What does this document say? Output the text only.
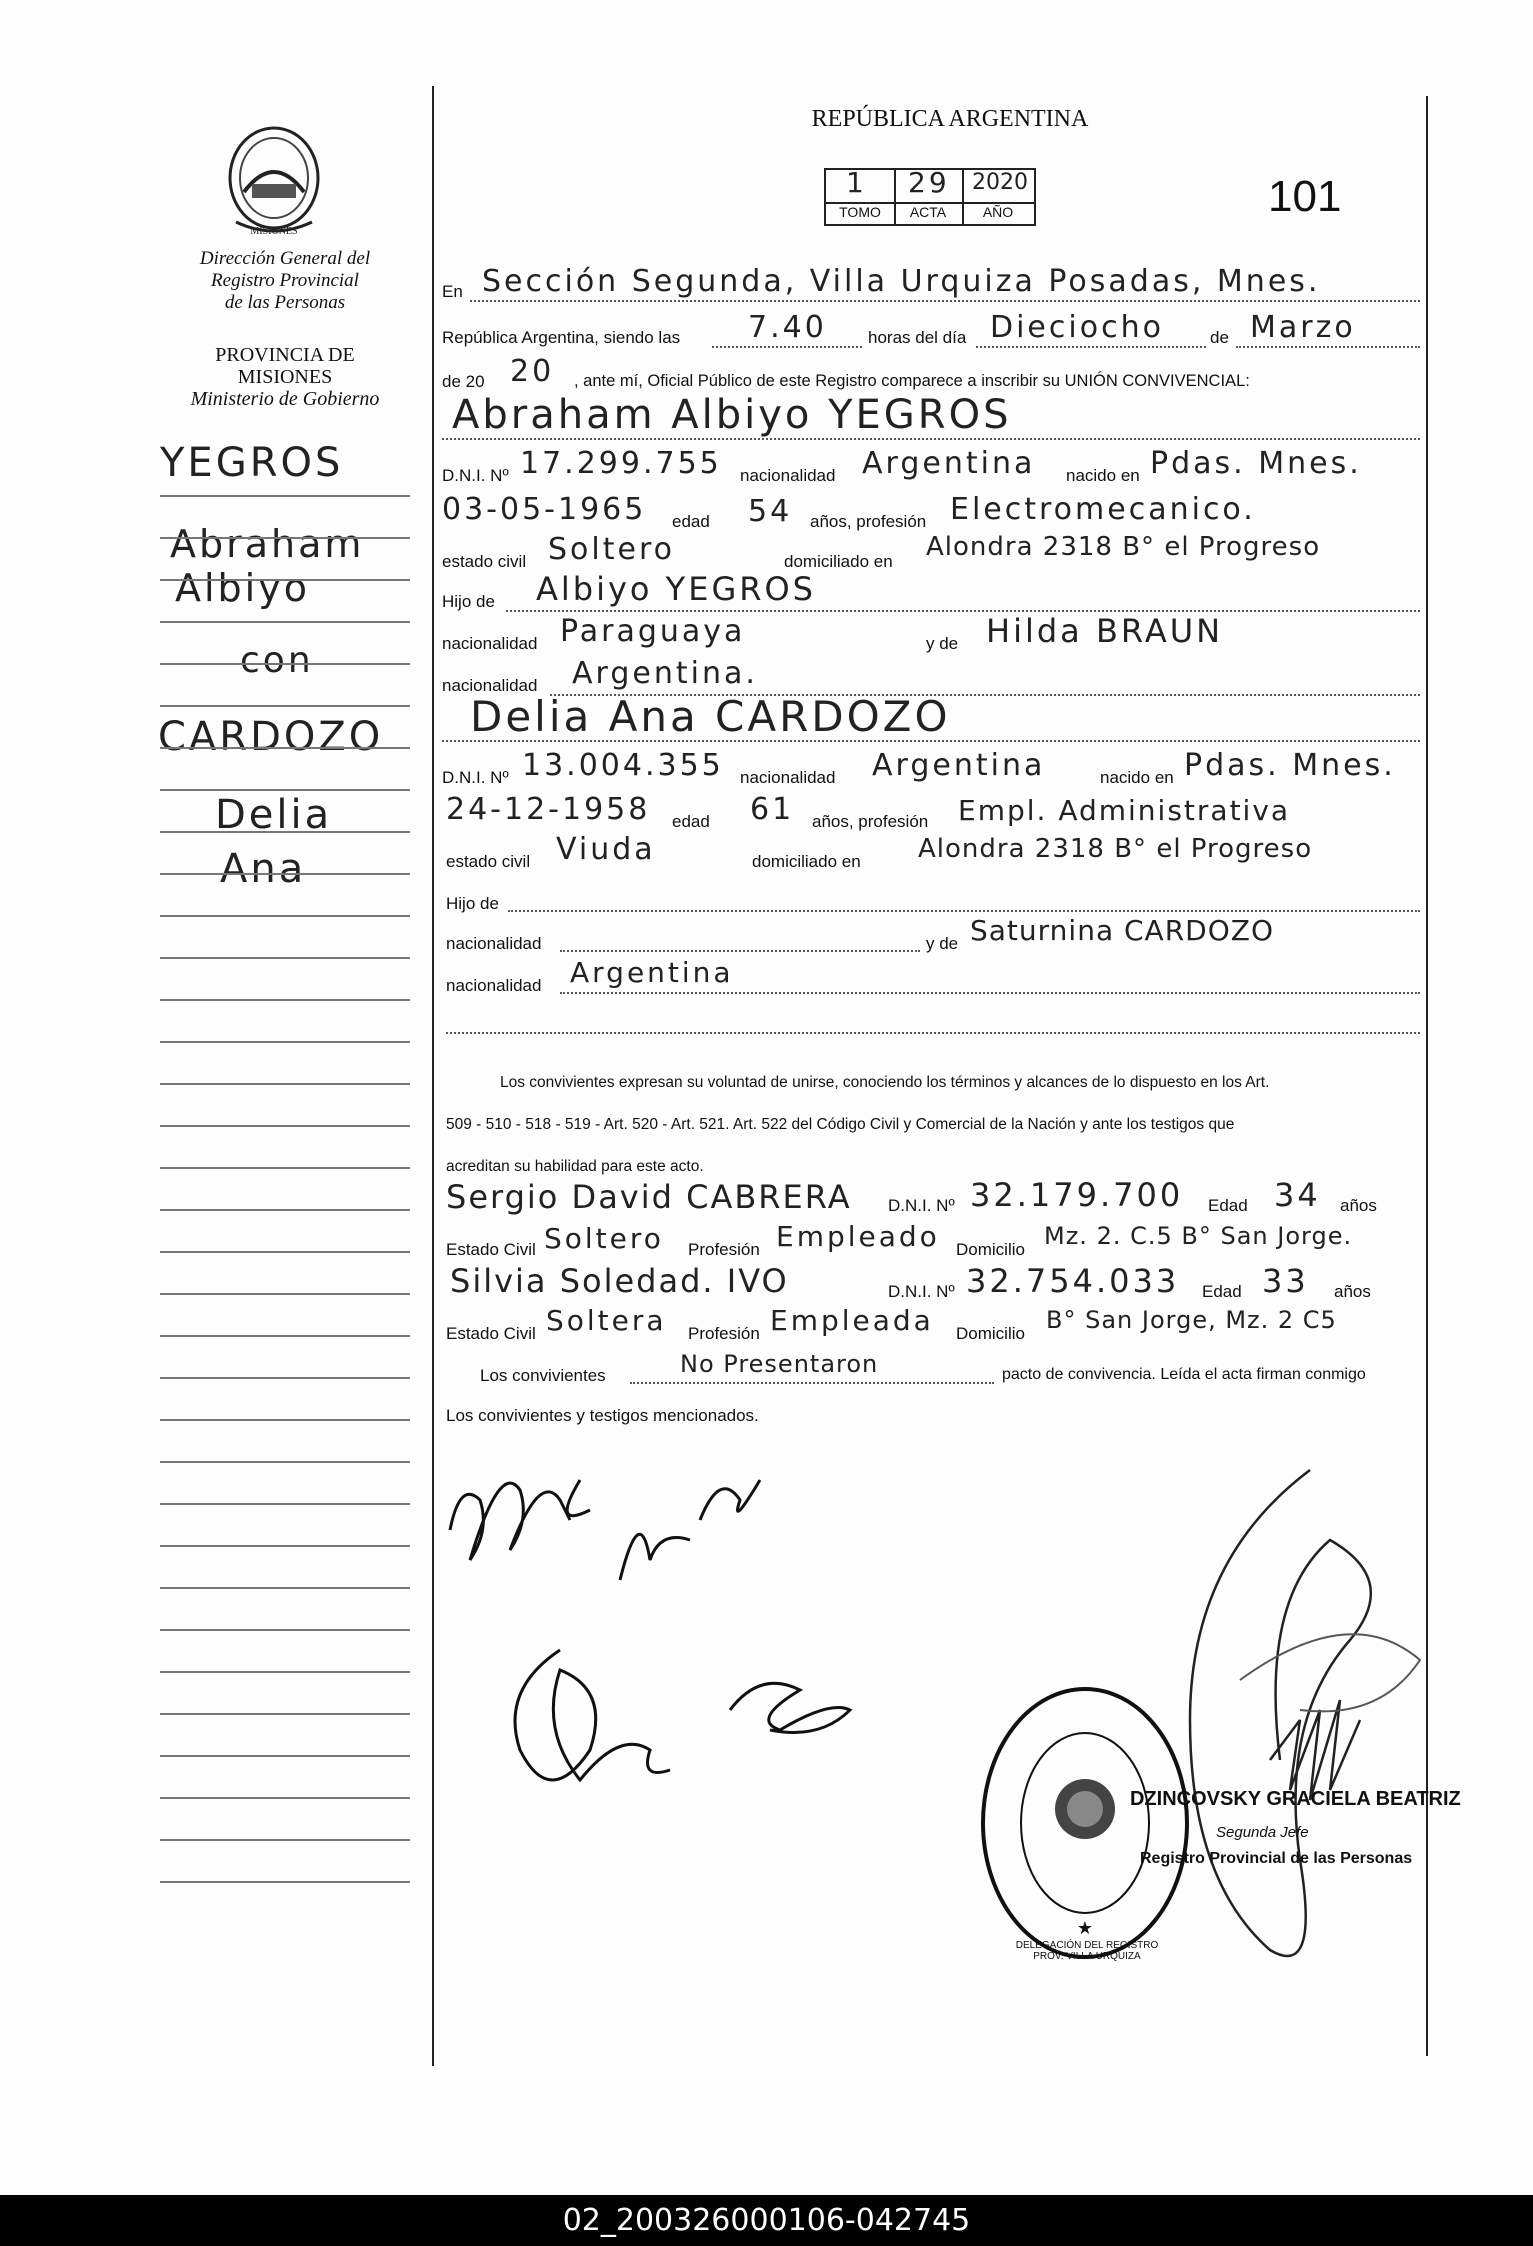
MISIONES
Dirección General del
Registro Provincial
de las Personas
PROVINCIA DE
MISIONES
Ministerio de Gobierno
YEGROS
Abraham
Albiyo
con
CARDOZO
Delia
Ana
REPÚBLICA ARGENTINA
1 29 2020
TOMO	ACTA	AÑO	101
En Sección Segunda, Villa Urquiza Posadas, Mnes.
República Argentina, siendo las 7.40 horas del día Dieciocho	de Marzo
de 20 20 , ante mí, Oficial Público de este Registro comparece a inscribir su UNIÓN CONVIVENCIAL:
Abraham Albiyo YEGROS
D.N.I. Nº 17.299.755 nacionalidad Argentina nacido en Pdas. Mnes.
03-05-1965 edad 54 años, profesión Electromecanico.
estado civil Soltero	domiciliado en Alondra 2318 B° el Progreso
Hijo de Albiyo YEGROS
nacionalidad Paraguaya	y de Hilda BRAUN
nacionalidad Argentina.
Delia Ana CARDOZO
D.N.I. Nº 13.004.355 nacionalidad Argentina	nacido en Pdas. Mnes.
24-12-1958 edad 61 años, profesión Empl. Administrativa
estado civil Viuda	domiciliado en Alondra 2318 B° el Progreso
Hijo de
nacionalidad	y de Saturnina CARDOZO
nacionalidad Argentina
Los convivientes expresan su voluntad de unirse, conociendo los términos y alcances de lo dispuesto en los Art.
509 - 510 - 518 - 519 - Art. 520 - Art. 521. Art. 522 del Código Civil y Comercial de la Nación y ante los testigos que
acreditan su habilidad para este acto.
Sergio David CABRERA D.N.I. Nº 32.179.700 Edad 34 años
Estado Civil Soltero Profesión Empleado Domicilio Mz. 2. C.5 B° San Jorge.
Silvia Soledad. IVO	D.N.I. Nº 32.754.033 Edad 33 años
Estado Civil Soltera Profesión Empleada Domicilio B° San Jorge, Mz. 2 C5
Los convivientes	No Presentaron	pacto de convivencia. Leída el acta firman conmigo
Los convivientes y testigos mencionados.
★
DELEGACIÓN DEL REGISTRO PROV. VILLA URQUIZA
DZINCOVSKY GRACIELA BEATRIZ
Segunda Jefe
Registro Provincial de las Personas
02_200326000106-042745
